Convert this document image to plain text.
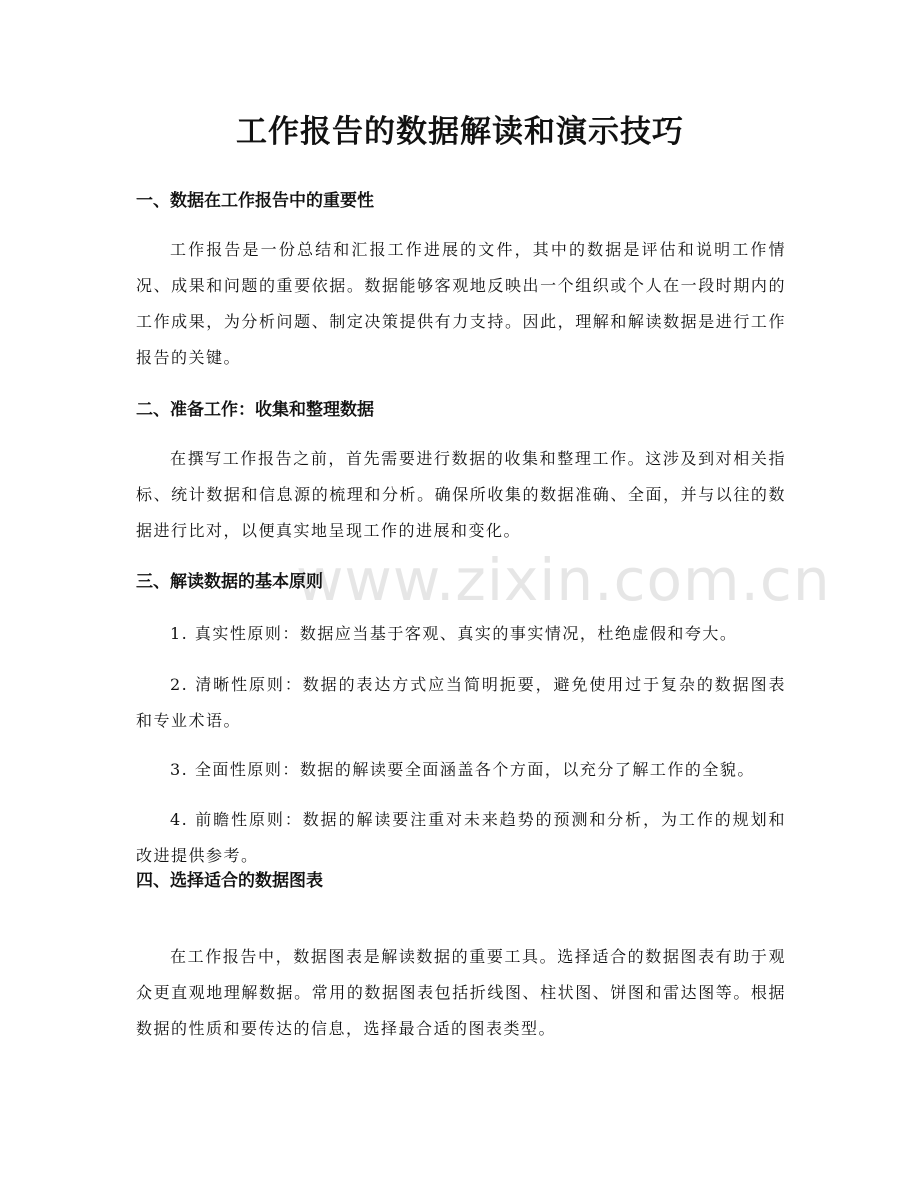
www.zixin.com.cn
工作报告的数据解读和演示技巧
一、数据在工作报告中的重要性

工作报告是一份总结和汇报工作进展的文件，其中的数据是评估和说明工作情况、成果和问题的重要依据。数据能够客观地反映出一个组织或个人在一段时期内的工作成果，为分析问题、制定决策提供有力支持。因此，理解和解读数据是进行工作报告的关键。

二、准备工作：收集和整理数据

在撰写工作报告之前，首先需要进行数据的收集和整理工作。这涉及到对相关指标、统计数据和信息源的梳理和分析。确保所收集的数据准确、全面，并与以往的数据进行比对，以便真实地呈现工作的进展和变化。

三、解读数据的基本原则

1. 真实性原则：数据应当基于客观、真实的事实情况，杜绝虚假和夸大。

2. 清晰性原则：数据的表达方式应当简明扼要，避免使用过于复杂的数据图表和专业术语。

3. 全面性原则：数据的解读要全面涵盖各个方面，以充分了解工作的全貌。

4. 前瞻性原则：数据的解读要注重对未来趋势的预测和分析，为工作的规划和改进提供参考。

四、选择适合的数据图表

在工作报告中，数据图表是解读数据的重要工具。选择适合的数据图表有助于观众更直观地理解数据。常用的数据图表包括折线图、柱状图、饼图和雷达图等。根据数据的性质和要传达的信息，选择最合适的图表类型。
